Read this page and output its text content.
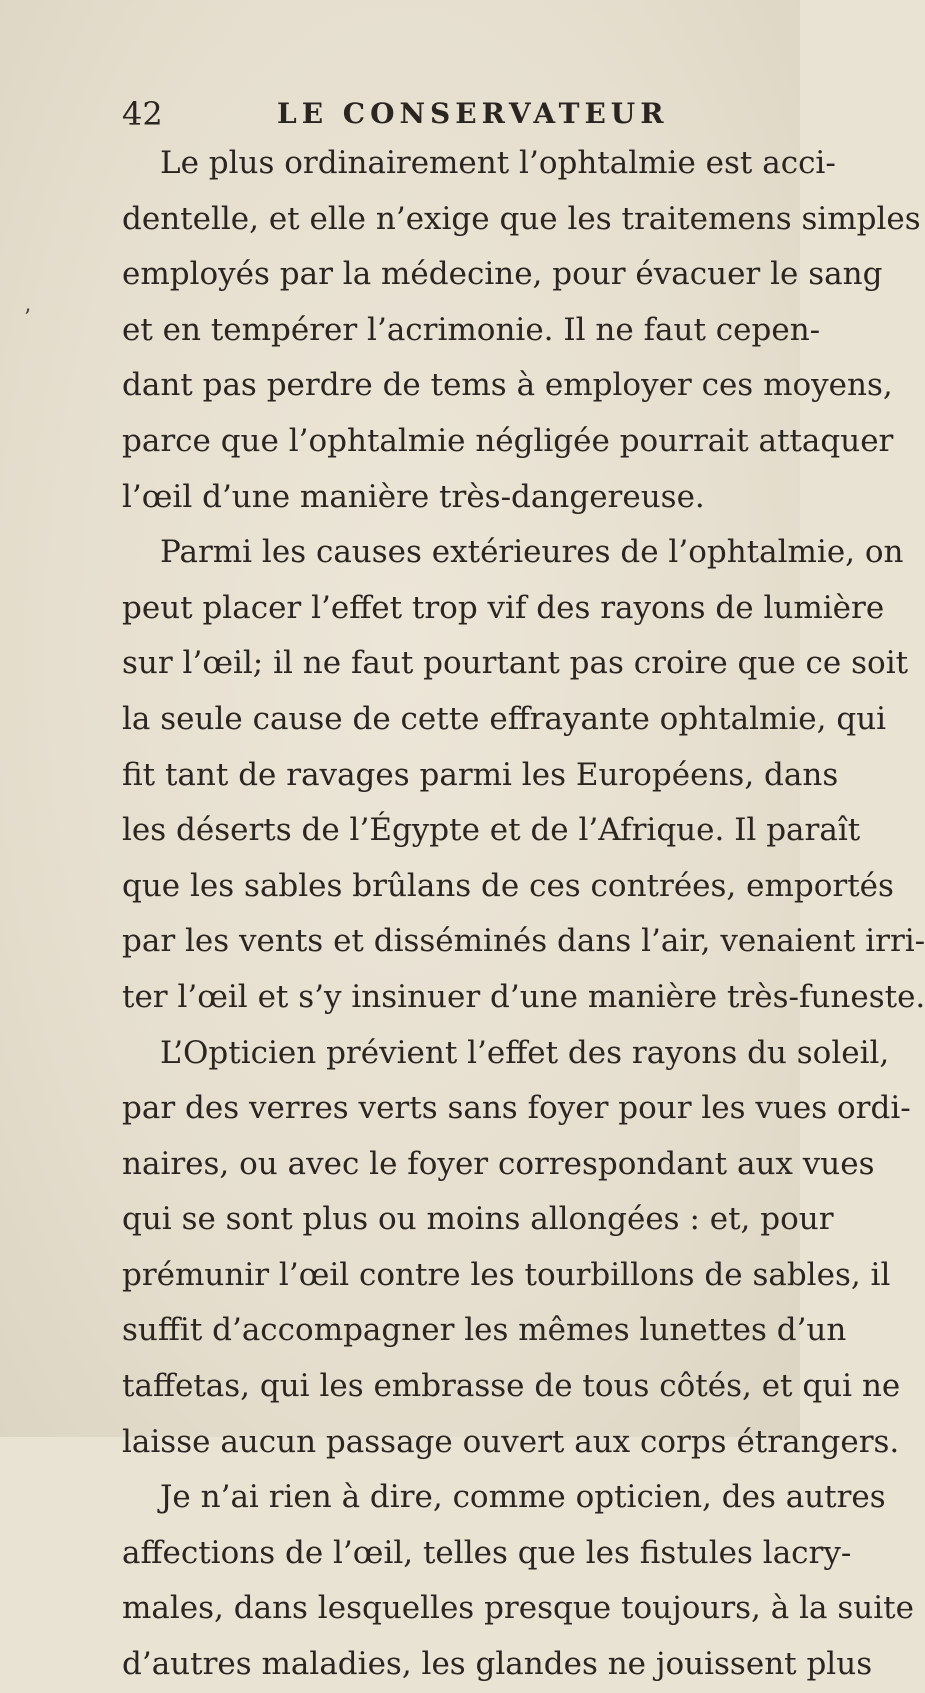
42	LE CONSERVATEUR
’
Le plus ordinairement l’ophtalmie est acci-
dentelle, et elle n’exige que les traitemens simples
employés par la médecine, pour évacuer le sang
et en tempérer l’acrimonie. Il ne faut cepen-
dant pas perdre de tems à employer ces moyens,
parce que l’ophtalmie négligée pourrait attaquer
l’œil d’une manière très-dangereuse.
Parmi les causes extérieures de l’ophtalmie, on
peut placer l’effet trop vif des rayons de lumière
sur l’œil; il ne faut pourtant pas croire que ce soit
la seule cause de cette effrayante ophtalmie, qui
fit tant de ravages parmi les Européens, dans
les déserts de l’Égypte et de l’Afrique. Il paraît
que les sables brûlans de ces contrées, emportés
par les vents et disséminés dans l’air, venaient irri-
ter l’œil et s’y insinuer d’une manière très-funeste.
L’Opticien prévient l’effet des rayons du soleil,
par des verres verts sans foyer pour les vues ordi-
naires, ou avec le foyer correspondant aux vues
qui se sont plus ou moins allongées : et, pour
prémunir l’œil contre les tourbillons de sables, il
suffit d’accompagner les mêmes lunettes d’un
taffetas, qui les embrasse de tous côtés, et qui ne
laisse aucun passage ouvert aux corps étrangers.
Je n’ai rien à dire, comme opticien, des autres
affections de l’œil, telles que les fistules lacry-
males, dans lesquelles presque toujours, à la suite
d’autres maladies, les glandes ne jouissent plus
